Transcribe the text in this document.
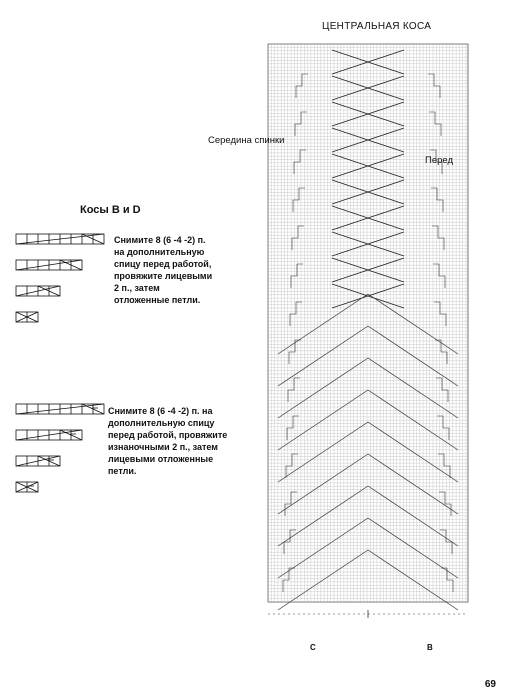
ЦЕНТРАЛЬНАЯ КОСА
Середина спинки
Перед
Косы B и D
Снимите 8 (6 -4 -2) п.
на дополнительную
спицу перед работой,
провяжите лицевыми
2 п., затем
отложенные петли.
Снимите 8 (6 -4 -2) п. на
дополнительную спицу
перед работой, провяжите
изнаночными 2 п., затем
лицевыми отложенные
петли.
C	B
69
